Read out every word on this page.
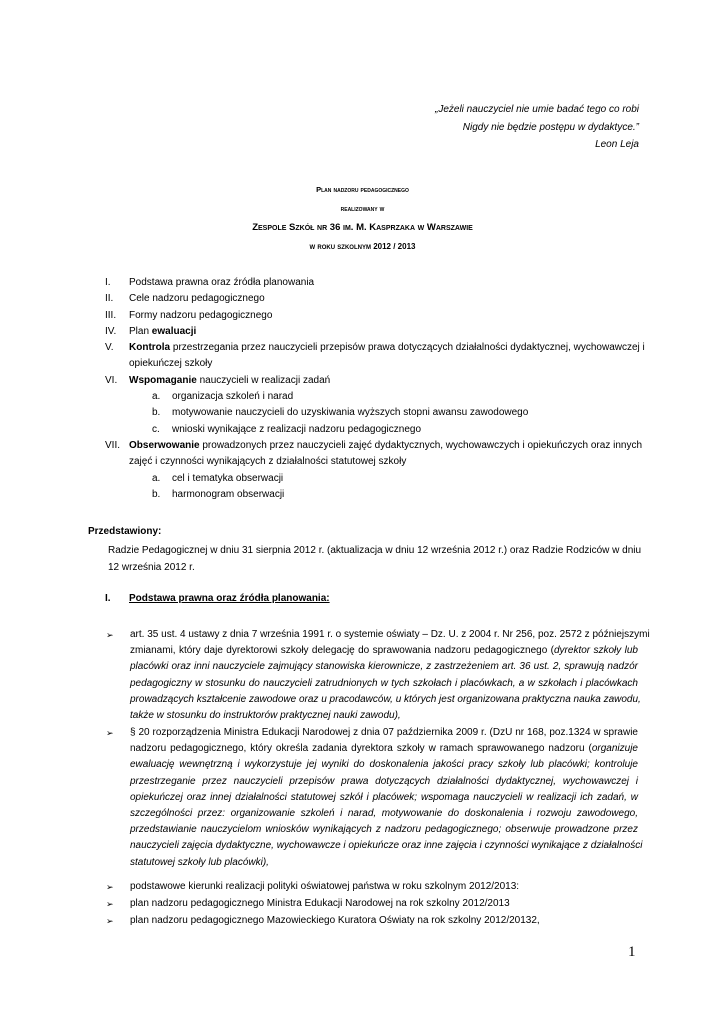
„Jeżeli nauczyciel nie umie badać tego co robi
Nigdy nie będzie postępu w dydaktyce.”
Leon Leja
Plan nadzoru pedagogicznego
realizowany w
Zespole Szkół nr 36 im. M. Kasprzaka w Warszawie
w roku szkolnym 2012 / 2013
I.	Podstawa prawna oraz źródła planowania
II.	Cele nadzoru pedagogicznego
III.	Formy nadzoru pedagogicznego
IV.	Plan ewaluacji
V.	Kontrola przestrzegania przez nauczycieli przepisów prawa dotyczących działalności dydaktycznej, wychowawczej i
opiekuńczej szkoły
VI.	Wspomaganie nauczycieli w realizacji zadań
a. organizacja szkoleń i narad
b. motywowanie nauczycieli do uzyskiwania wyższych stopni awansu zawodowego
c. wnioski wynikające z realizacji nadzoru pedagogicznego
VII. Obserwowanie prowadzonych przez nauczycieli zajęć dydaktycznych, wychowawczych i opiekuńczych oraz innych
zajęć i czynności wynikających z działalności statutowej szkoły
a. cel i tematyka obserwacji
b. harmonogram obserwacji
Przedstawiony:
Radzie Pedagogicznej w dniu 31 sierpnia 2012 r. (aktualizacja w dniu 12 września 2012 r.) oraz Radzie Rodziców w dniu
12 września 2012 r.
I. Podstawa prawna oraz źródła planowania:
➢ art. 35 ust. 4 ustawy z dnia 7 września 1991 r. o systemie oświaty – Dz. U. z 2004 r. Nr 256, poz. 2572 z późniejszymi
zmianami, który daje dyrektorowi szkoły delegację do sprawowania nadzoru pedagogicznego (dyrektor szkoły lub
placówki oraz inni nauczyciele zajmujący stanowiska kierownicze, z zastrzeżeniem art. 36 ust. 2, sprawują nadzór
pedagogiczny w stosunku do nauczycieli zatrudnionych w tych szkołach i placówkach, a w szkołach i placówkach
prowadzących kształcenie zawodowe oraz u pracodawców, u których jest organizowana praktyczna nauka zawodu,
także w stosunku do instruktorów praktycznej nauki zawodu),
➢ § 20 rozporządzenia Ministra Edukacji Narodowej z dnia 07 października 2009 r. (DzU nr 168, poz.1324 w sprawie
nadzoru pedagogicznego, który określa zadania dyrektora szkoły w ramach sprawowanego nadzoru (organizuje
ewaluację wewnętrzną i wykorzystuje jej wyniki do doskonalenia jakości pracy szkoły lub placówki; kontroluje
przestrzeganie przez nauczycieli przepisów prawa dotyczących działalności dydaktycznej, wychowawczej i
opiekuńczej oraz innej działalności statutowej szkół i placówek; wspomaga nauczycieli w realizacji ich zadań, w
szczególności przez: organizowanie szkoleń i narad, motywowanie do doskonalenia i rozwoju zawodowego,
przedstawianie nauczycielom wniosków wynikających z nadzoru pedagogicznego; obserwuje prowadzone przez
nauczycieli zajęcia dydaktyczne, wychowawcze i opiekuńcze oraz inne zajęcia i czynności wynikające z działalności
statutowej szkoły lub placówki),
➢ podstawowe kierunki realizacji polityki oświatowej państwa w roku szkolnym 2012/2013:
➢ plan nadzoru pedagogicznego Ministra Edukacji Narodowej na rok szkolny 2012/2013
➢ plan nadzoru pedagogicznego Mazowieckiego Kuratora Oświaty na rok szkolny 2012/20132,
1
